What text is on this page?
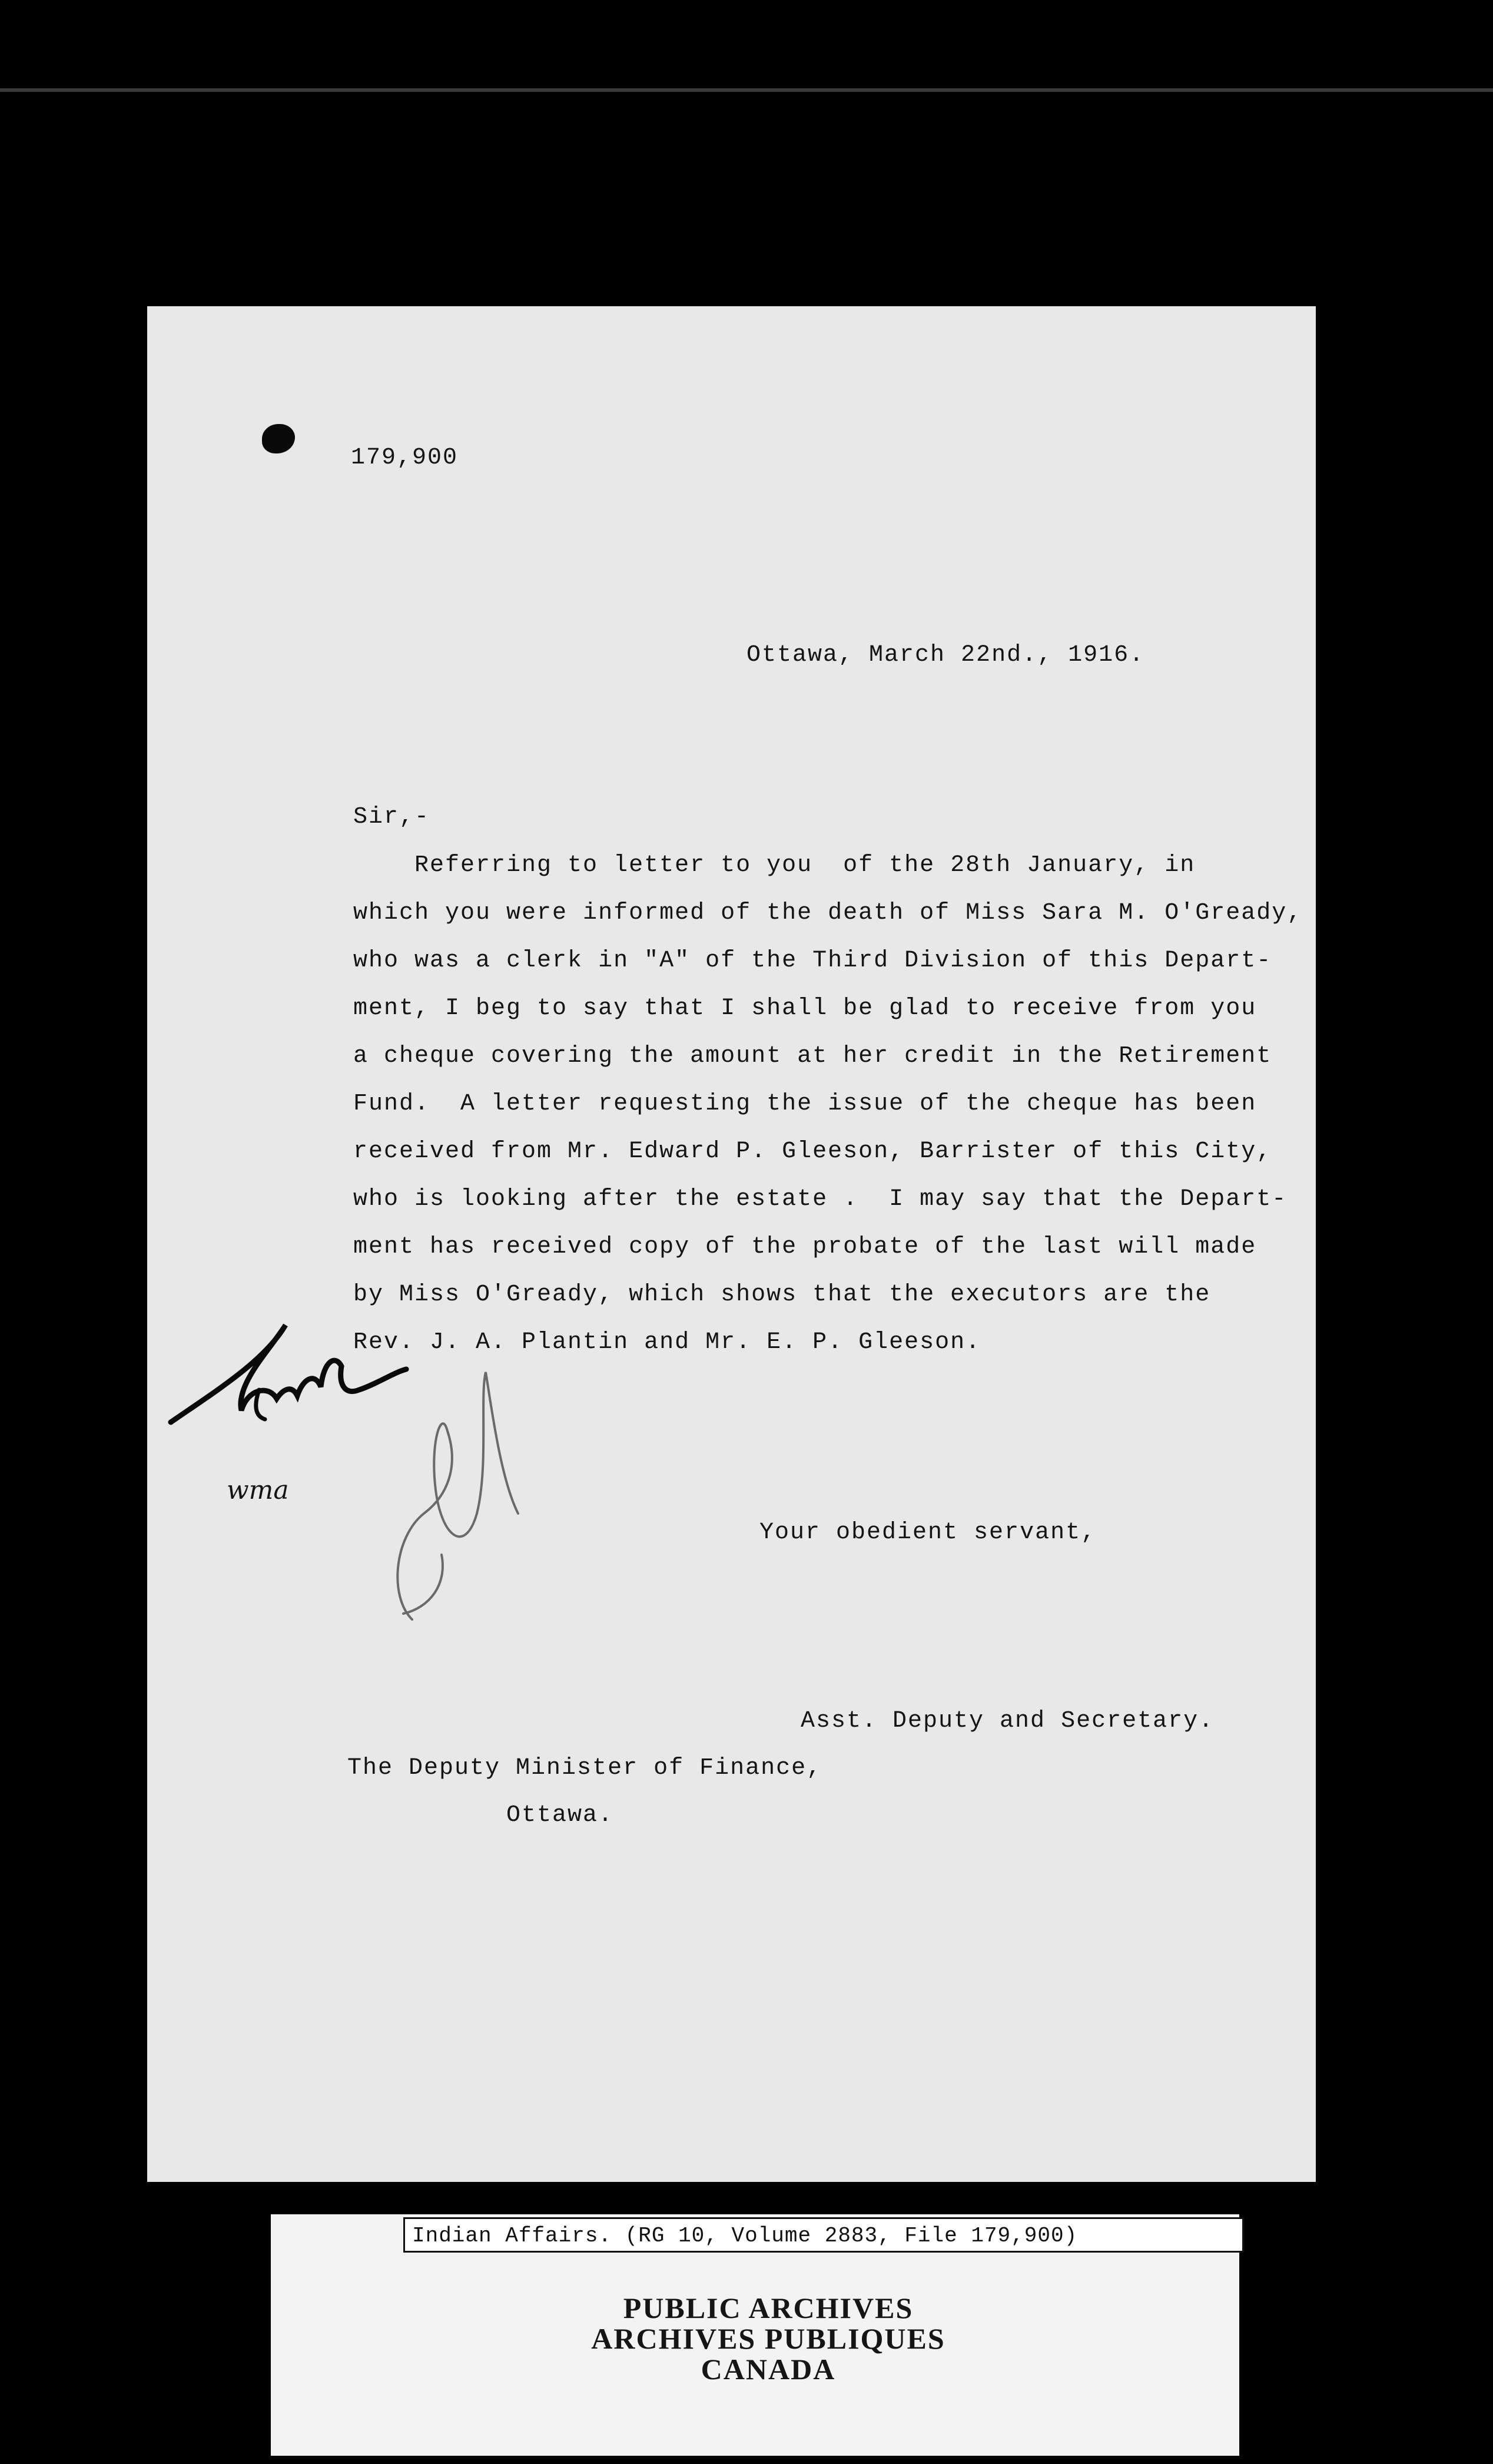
179,900
Ottawa, March 22nd., 1916.
Sir,-
Referring to letter to you  of the 28th January, in
which you were informed of the death of Miss Sara M. O'Gready,
who was a clerk in "A" of the Third Division of this Depart-
ment, I beg to say that I shall be glad to receive from you
a cheque covering the amount at her credit in the Retirement
Fund.  A letter requesting the issue of the cheque has been
received from Mr. Edward P. Gleeson, Barrister of this City,
who is looking after the estate .  I may say that the Depart-
ment has received copy of the probate of the last will made
by Miss O'Gready, which shows that the executors are the
Rev. J. A. Plantin and Mr. E. P. Gleeson.
Your obedient servant,
Asst. Deputy and Secretary.
The Deputy Minister of Finance,
Ottawa.
wma
Indian Affairs. (RG 10, Volume 2883, File 179,900)
PUBLIC ARCHIVES
ARCHIVES PUBLIQUES
CANADA
